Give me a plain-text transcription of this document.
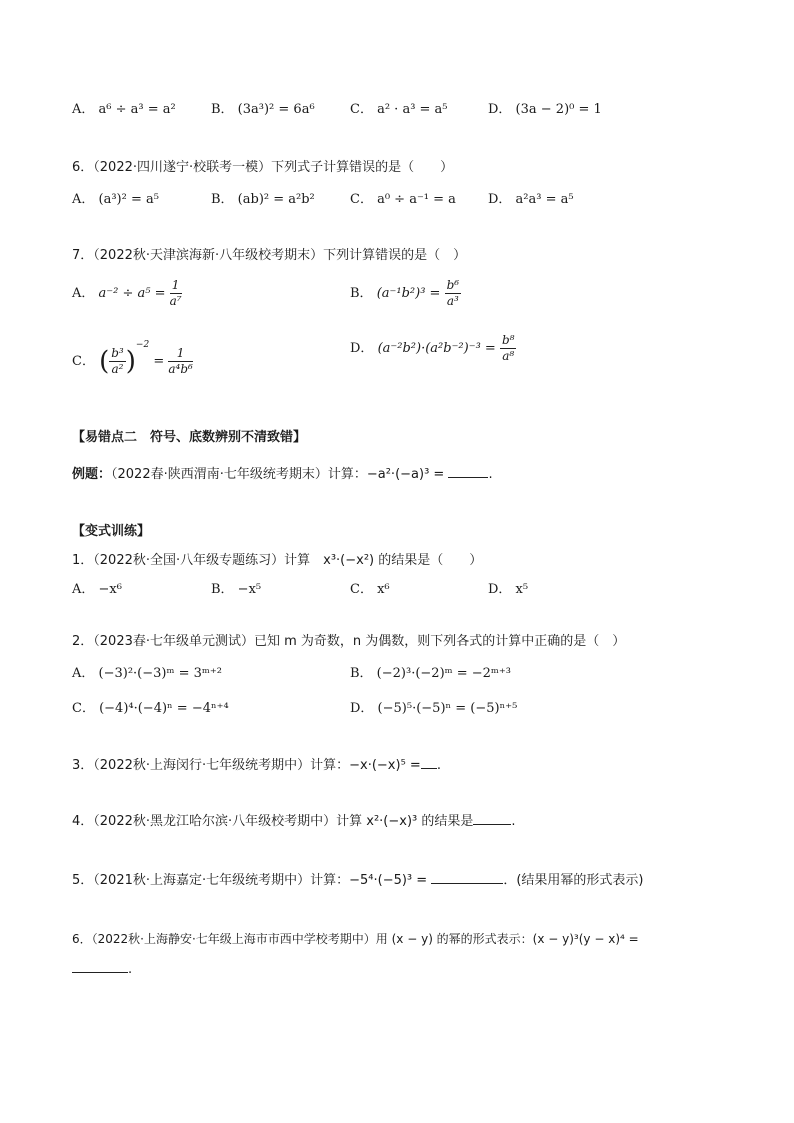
A． a⁶ ÷ a³ = a²	B． (3a³)² = 6a⁶	C． a² · a³ = a⁵	D． (3a − 2)⁰ = 1
6．（2022·四川遂宁·校联考一模）下列式子计算错误的是（　　）
A． (a³)² = a⁵	B． (ab)² = a²b²	C． a⁰ ÷ a⁻¹ = a D． a²a³ = a⁵
7．（2022秋·天津滨海新·八年级校考期末）下列计算错误的是（　）
A． $a^{-2} \div a^5 = \frac{1}{\text{a⁷}}$	B． $(a^{-1}b^2)^3 = \frac{\text{b⁶}}{\text{a³}}$
C． ( $\frac{\text{b³}}{\text{a²}} )^{-2} = \frac{1}{\text{a⁴b⁶}}$	D． $(a^{-2}b^2)\cdot(a^2b^{-2})^{-3} = \frac{\text{b⁸}}{\text{a⁸}}$
【易错点二　符号、底数辨别不清致错】
例题：（2022春·陕西渭南·七年级统考期末）计算：−a²·(−a)³ =	.
【变式训练】
1．（2022秋·全国·八年级专题练习）计算　x³·(−x²) 的结果是（　　）
A． −x⁶	B． −x⁵	C． x⁶	D． x⁵
2．（2023春·七年级单元测试）已知 m 为奇数，n 为偶数，则下列各式的计算中正确的是（　）
A． (−3)²·(−3)ᵐ = 3ᵐ⁺²	B． (−2)³·(−2)ᵐ = −2ᵐ⁺³
C． (−4)⁴·(−4)ⁿ = −4ⁿ⁺⁴	D． (−5)⁵·(−5)ⁿ = (−5)ⁿ⁺⁵
3．（2022秋·上海闵行·七年级统考期中）计算：−x·(−x)⁵ = .
4．（2022秋·黑龙江哈尔滨·八年级校考期中）计算 x²·(−x)³ 的结果是	.
5．（2021秋·上海嘉定·七年级统考期中）计算：−5⁴·(−5)³ =	．(结果用幂的形式表示)
6．（2022秋·上海静安·七年级上海市市西中学校考期中）用 (x − y) 的幂的形式表示：(x − y)³(y − x)⁴ =
.
